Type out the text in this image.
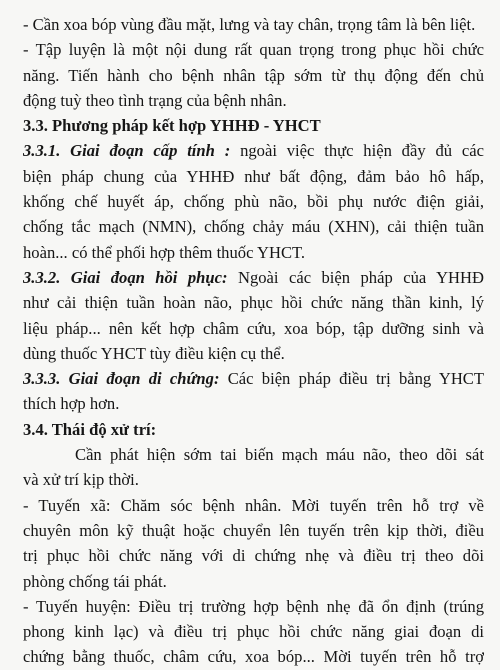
- Cần xoa bóp vùng đầu mặt, lưng và tay chân, trọng tâm là bên liệt.
- Tập luyện là một nội dung rất quan trọng trong phục hồi chức
năng. Tiến hành cho bệnh nhân tập sớm từ thụ động đến chủ
động tuỳ theo tình trạng của bệnh nhân.
3.3. Phương pháp kết hợp YHHĐ - YHCT
3.3.1. Giai đoạn cấp tính : ngoài việc thực hiện đầy đủ các
biện pháp chung của YHHĐ như bất động, đảm bảo hô hấp,
khống chế huyết áp, chống phù não, bồi phụ nước điện giải,
chống tắc mạch (NMN), chống chảy máu (XHN), cải thiện tuần
hoàn... có thể phối hợp thêm thuốc YHCT.
3.3.2. Giai đoạn hồi phục: Ngoài các biện pháp của YHHĐ
như cải thiện tuần hoàn não, phục hồi chức năng thần kinh, lý
liệu pháp... nên kết hợp châm cứu, xoa bóp, tập dưỡng sinh và
dùng thuốc YHCT tùy điều kiện cụ thể.
3.3.3. Giai đoạn di chứng: Các biện pháp điều trị bằng YHCT
thích hợp hơn.
3.4. Thái độ xử trí:
Cần phát hiện sớm tai biến mạch máu não, theo dõi sát
và xử trí kịp thời.
- Tuyến xã: Chăm sóc bệnh nhân. Mời tuyến trên hỗ trợ về
chuyên môn kỹ thuật hoặc chuyển lên tuyến trên kịp thời, điều
trị phục hồi chức năng với di chứng nhẹ và điều trị theo dõi
phòng chống tái phát.
- Tuyến huyện: Điều trị trường hợp bệnh nhẹ đã ổn định (trúng
phong kinh lạc) và điều trị phục hồi chức năng giai đoạn di
chứng bằng thuốc, châm cứu, xoa bóp... Mời tuyến trên hỗ trợ
